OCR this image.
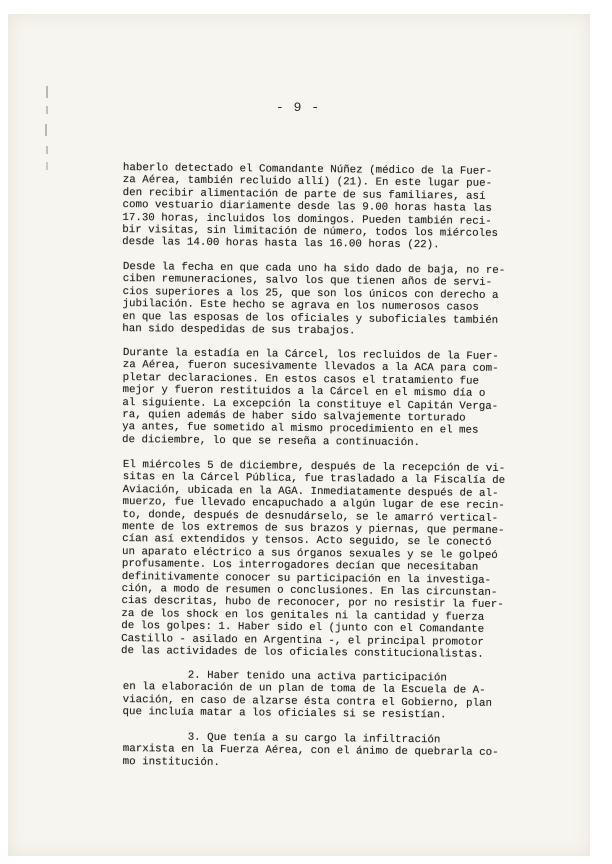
- 9 -
haberlo detectado el Comandante Núñez (médico de la Fuer-
za Aérea, también recluido allí) (21). En este lugar pue-
den recibir alimentación de parte de sus familiares, así
como vestuario diariamente desde las 9.00 horas hasta las
17.30 horas, incluidos los domingos. Pueden también reci-
bir visitas, sin limitación de número, todos los miércoles
desde las 14.00 horas hasta las 16.00 horas (22).
Desde la fecha en que cada uno ha sido dado de baja, no re-
ciben remuneraciones, salvo los que tienen años de servi-
cios superiores a los 25, que son los únicos con derecho a
jubilación. Este hecho se agrava en los numerosos casos
en que las esposas de los oficiales y suboficiales también
han sido despedidas de sus trabajos.
Durante la estadía en la Cárcel, los recluidos de la Fuer-
za Aérea, fueron sucesivamente llevados a la ACA para com-
pletar declaraciones. En estos casos el tratamiento fue
mejor y fueron restituidos a la Cárcel en el mismo día o
al siguiente. La excepción la constituye el Capitán Verga-
ra, quien además de haber sido salvajemente torturado
ya antes, fue sometido al mismo procedimiento en el mes
de diciembre, lo que se reseña a continuación.
El miércoles 5 de diciembre, después de la recepción de vi-
sitas en la Cárcel Pública, fue trasladado a la Fiscalía de
Aviación, ubicada en la AGA. Inmediatamente después de al-
muerzo, fue llevado encapuchado a algún lugar de ese recin-
to, donde, después de desnudárselo, se le amarró vertical-
mente de los extremos de sus brazos y piernas, que permane-
cían así extendidos y tensos. Acto seguido, se le conectó
un aparato eléctrico a sus órganos sexuales y se le golpeó
profusamente. Los interrogadores decían que necesitaban
definitivamente conocer su participación en la investiga-
ción, a modo de resumen o conclusiones. En las circunstan-
cias descritas, hubo de reconocer, por no resistir la fuer-
za de los shock en los genitales ni la cantidad y fuerza
de los golpes: 1. Haber sido el (junto con el Comandante
Castillo - asilado en Argentina -, el principal promotor
de las actividades de los oficiales constitucionalistas.
2. Haber tenido una activa participación
en la elaboración de un plan de toma de la Escuela de A-
viación, en caso de alzarse ésta contra el Gobierno, plan
que incluía matar a los oficiales si se resistían.
3. Que tenía a su cargo la infiltración
marxista en la Fuerza Aérea, con el ánimo de quebrarla co-
mo institución.
